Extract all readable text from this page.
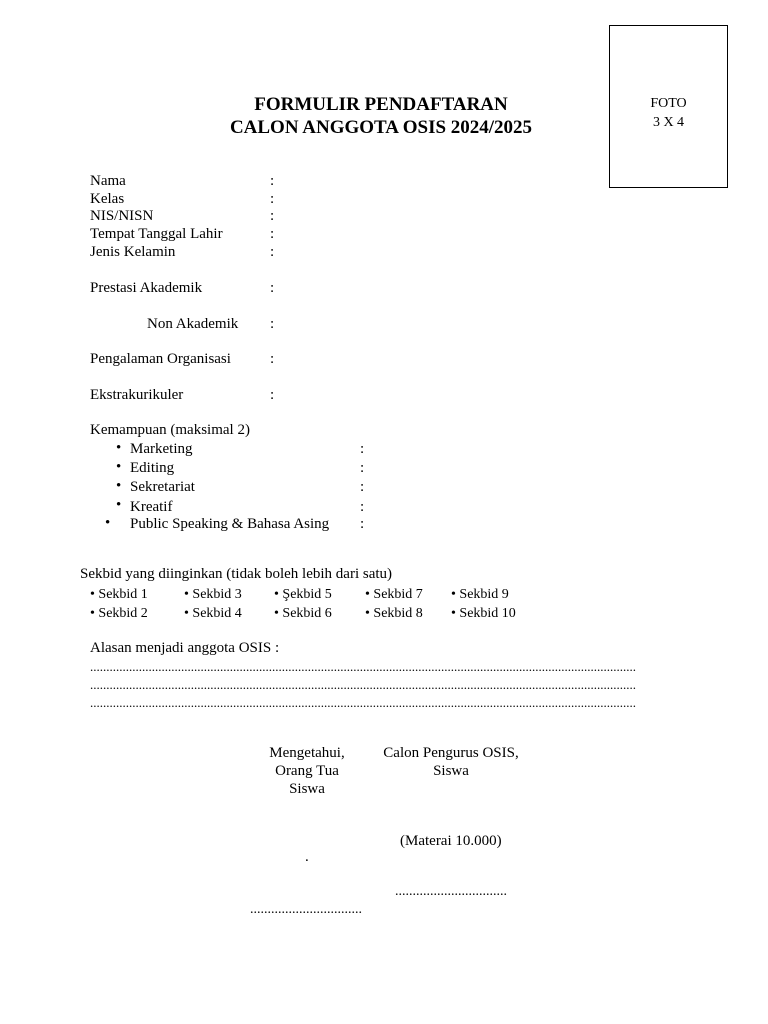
FORMULIR PENDAFTARAN
CALON ANGGOTA OSIS 2024/2025
FOTO
3 X 4
Nama	:
Kelas	:
NIS/NISN	:
Tempat Tanggal Lahir	:
Jenis Kelamin	:
Prestasi Akademik	:
Non Akademik :
Pengalaman Organisasi	:
Ekstrakurikuler	:
Kemampuan (maksimal 2)
• Marketing	:
• Editing	:
• Sekretariat	:
• Kreatif	:
• Public Speaking & Bahasa Asing :
Sekbid yang diinginkan (tidak boleh lebih dari satu)
• Sekbid 1	• Sekbid 3 • Şekbid 5 • Sekbid 7 • Sekbid 9
• Sekbid 2	• Sekbid 4 • Sekbid 6 • Sekbid 8 • Sekbid 10
Alasan menjadi anggota OSIS :
........................................................................................................................................................................
........................................................................................................................................................................
........................................................................................................................................................................
Mengetahui,
Orang Tua
Siswa
Calon Pengurus OSIS,
Siswa
(Materai 10.000)
.
................................
................................
